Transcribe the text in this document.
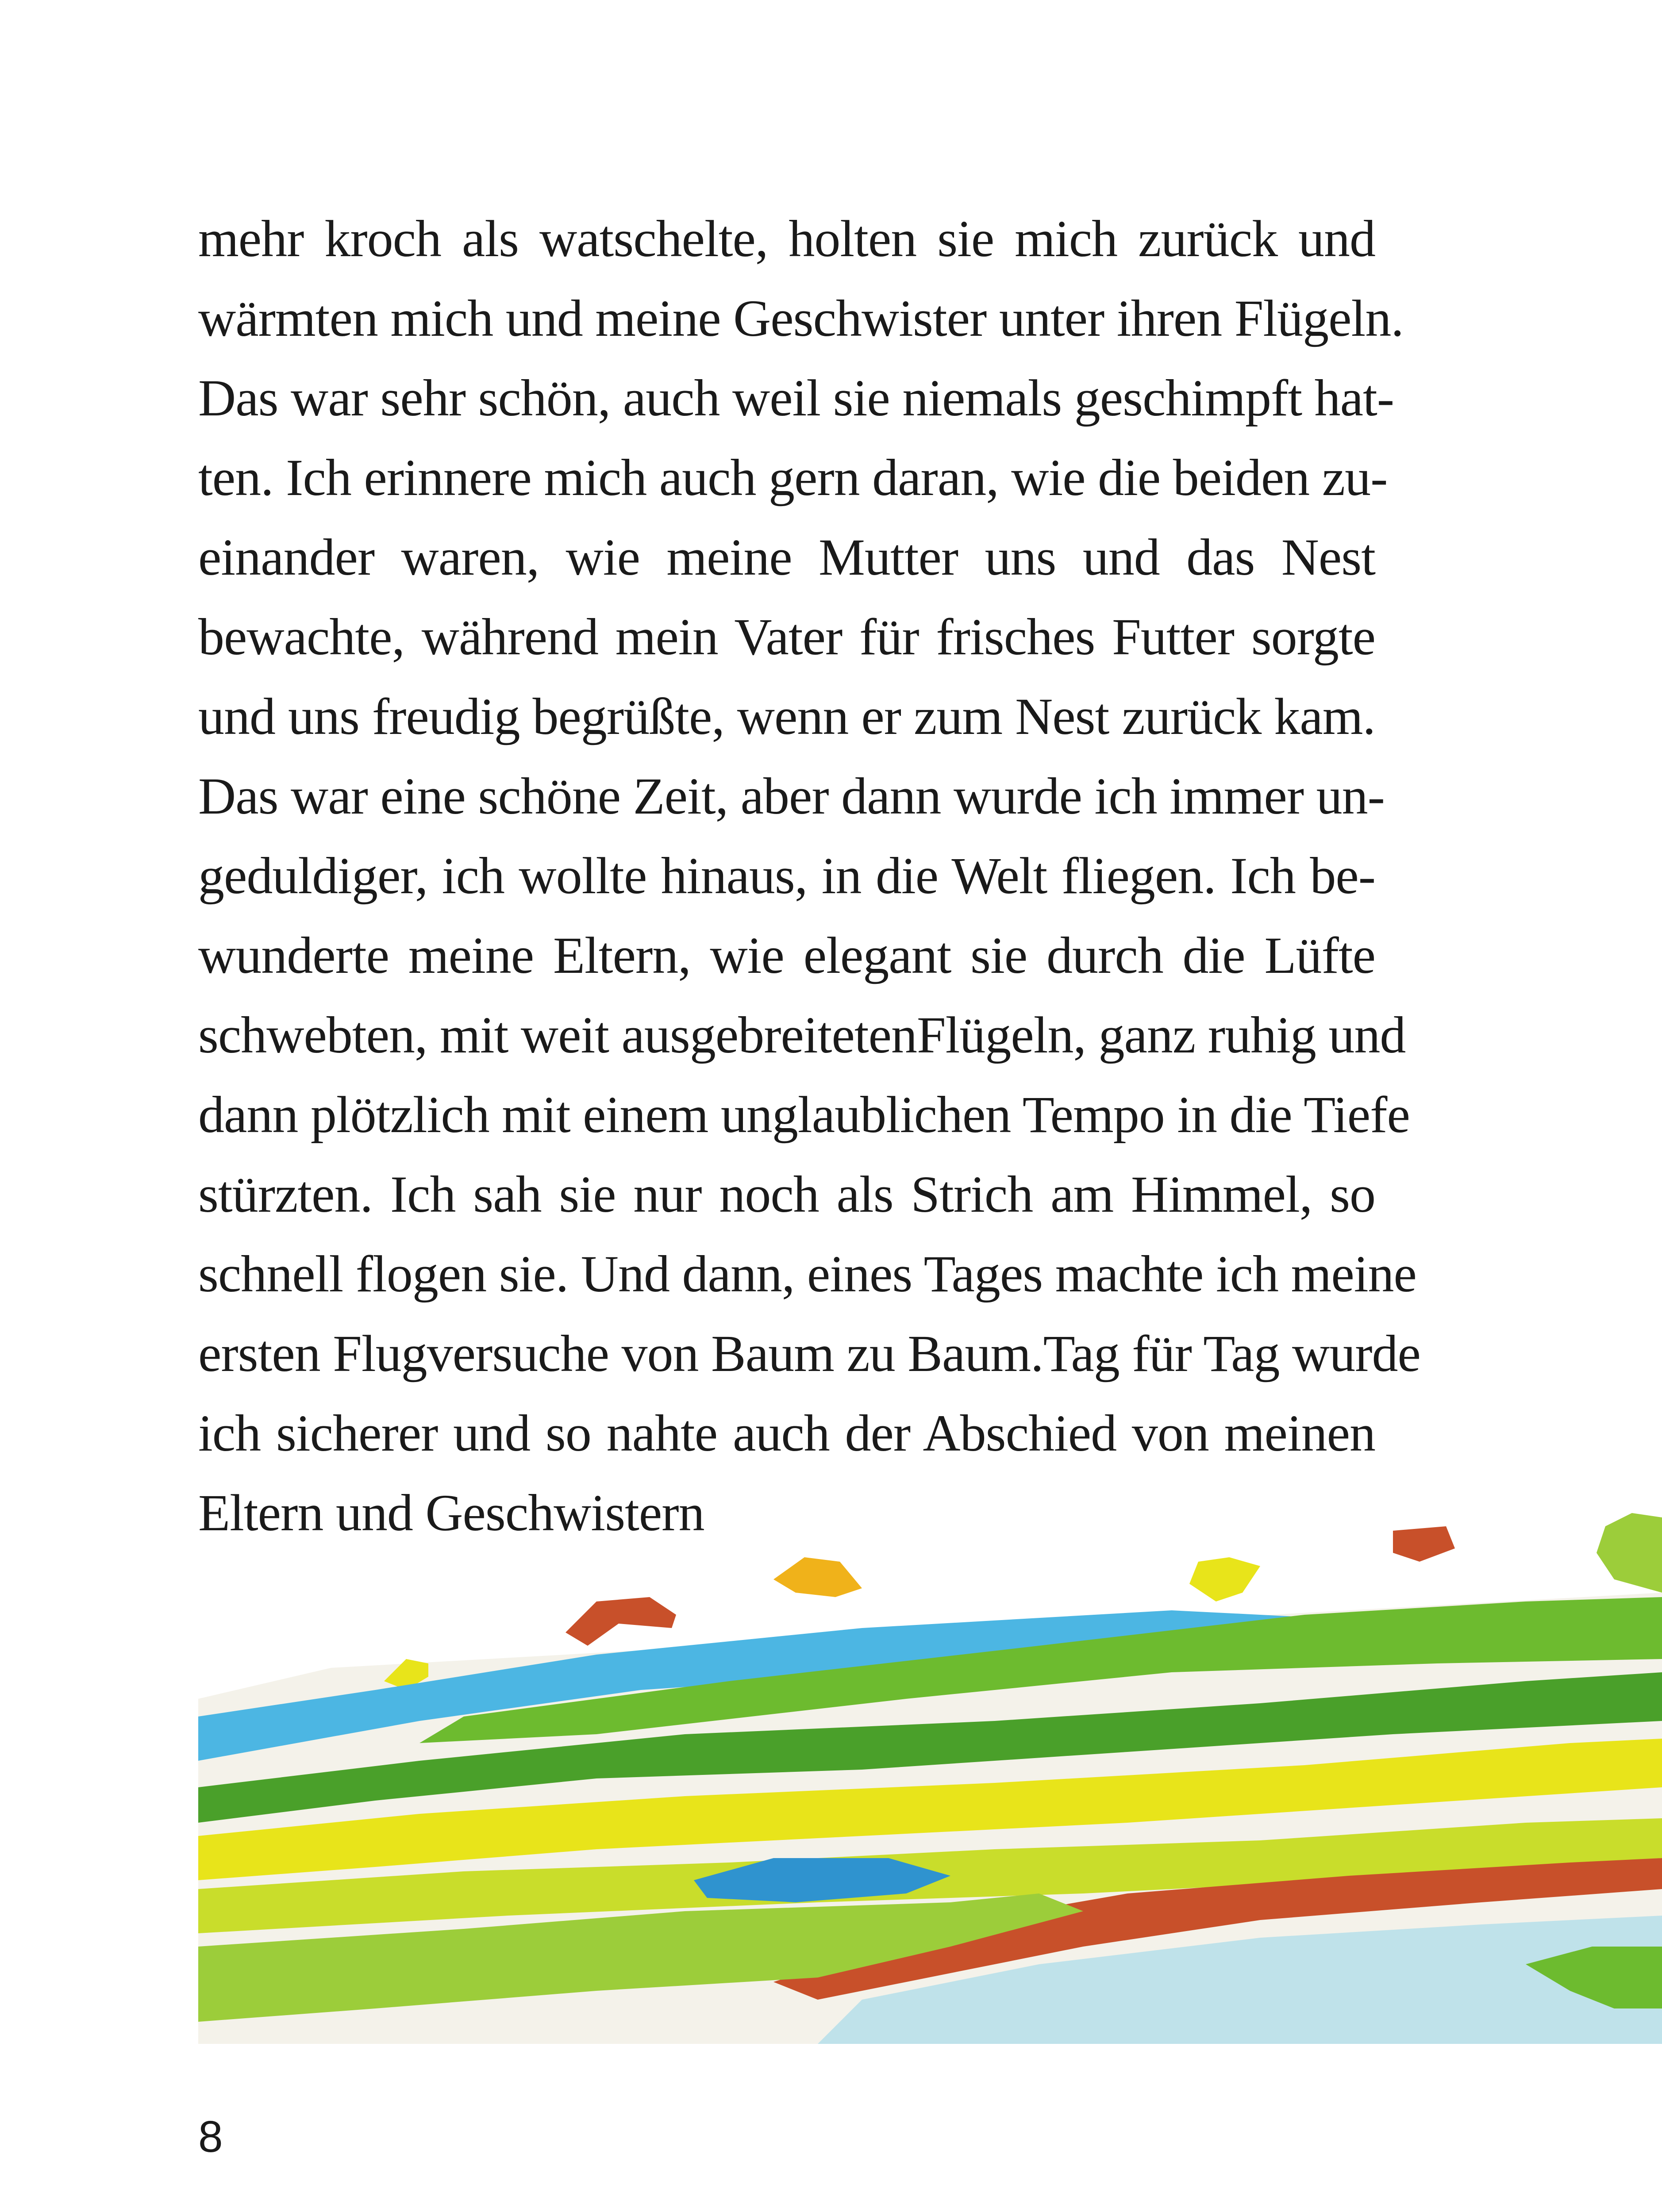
mehr kroch als watschelte, holten sie mich zurück und
wärmten mich und meine Geschwister unter ihren Flügeln.
Das war sehr schön, auch weil sie niemals geschimpft hat-
ten. Ich erinnere mich auch gern daran, wie die beiden zu-
einander waren, wie meine Mutter uns und das Nest
bewachte, während mein Vater für frisches Futter sorgte
und uns freudig begrüßte, wenn er zum Nest zurück kam.
Das war eine schöne Zeit, aber dann wurde ich immer un-
geduldiger, ich wollte hinaus, in die Welt fliegen. Ich be-
wunderte meine Eltern, wie elegant sie durch die Lüfte
schwebten, mit weit ausgebreitetenFlügeln, ganz ruhig und
dann plötzlich mit einem unglaublichen Tempo in die Tiefe
stürzten. Ich sah sie nur noch als Strich am Himmel, so
schnell flogen sie. Und dann, eines Tages machte ich meine
ersten Flugversuche von Baum zu Baum.Tag für Tag wurde
ich sicherer und so nahte auch der Abschied von meinen
Eltern und Geschwistern
8
